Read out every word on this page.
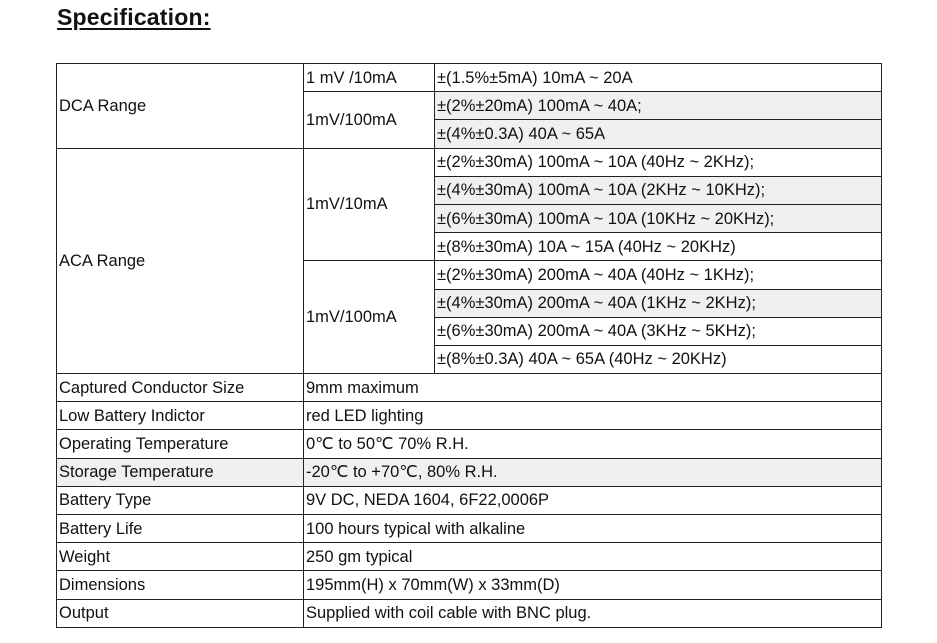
Specification:
DCA Range	1 mV /10mA	±(1.5%±5mA) 10mA ~ 20A
	1mV/100mA	±(2%±20mA) 100mA ~ 40A;
		±(4%±0.3A) 40A ~ 65A
ACA Range	1mV/10mA	±(2%±30mA) 100mA ~ 10A (40Hz ~ 2KHz);
		±(4%±30mA) 100mA ~ 10A (2KHz ~ 10KHz);
		±(6%±30mA) 100mA ~ 10A (10KHz ~ 20KHz);
		±(8%±30mA) 10A ~ 15A (40Hz ~ 20KHz)
	1mV/100mA	±(2%±30mA) 200mA ~ 40A (40Hz ~ 1KHz);
		±(4%±30mA) 200mA ~ 40A (1KHz ~ 2KHz);
		±(6%±30mA) 200mA ~ 40A (3KHz ~ 5KHz);
		±(8%±0.3A) 40A ~ 65A (40Hz ~ 20KHz)
Captured Conductor Size	9mm maximum	
Low Battery Indictor	red LED lighting	
Operating Temperature	0℃ to 50℃ 70% R.H.	
Storage Temperature	-20℃ to +70℃, 80% R.H.	
Battery Type	9V DC, NEDA 1604, 6F22,0006P	
Battery Life	100 hours typical with alkaline	
Weight	250 gm typical	
Dimensions	195mm(H) x 70mm(W) x 33mm(D)	
Output	Supplied with coil cable with BNC plug.	
